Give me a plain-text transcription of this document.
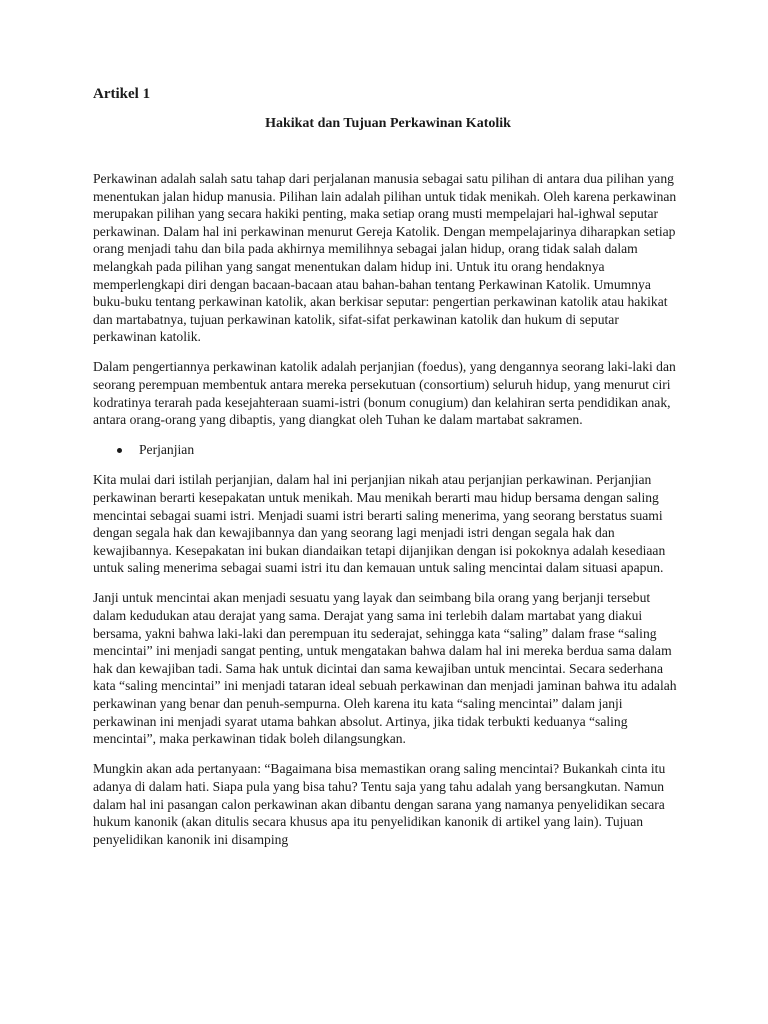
Artikel 1

Hakikat dan Tujuan Perkawinan Katolik

Perkawinan adalah salah satu tahap dari perjalanan manusia sebagai satu pilihan di antara dua pilihan yang menentukan jalan hidup manusia. Pilihan lain adalah pilihan untuk tidak menikah. Oleh karena perkawinan merupakan pilihan yang secara hakiki penting, maka setiap orang musti mempelajari hal-ighwal seputar perkawinan. Dalam hal ini perkawinan menurut Gereja Katolik. Dengan mempelajarinya diharapkan setiap orang menjadi tahu dan bila pada akhirnya memilihnya sebagai jalan hidup, orang tidak salah dalam melangkah pada pilihan yang sangat menentukan dalam hidup ini. Untuk itu orang hendaknya memperlengkapi diri dengan bacaan-bacaan atau bahan-bahan tentang Perkawinan Katolik. Umumnya buku-buku tentang perkawinan katolik, akan berkisar seputar: pengertian perkawinan katolik atau hakikat dan martabatnya, tujuan perkawinan katolik, sifat-sifat perkawinan katolik dan hukum di seputar perkawinan katolik.

Dalam pengertiannya perkawinan katolik adalah perjanjian (foedus), yang dengannya seorang laki-laki dan seorang perempuan membentuk antara mereka persekutuan (consortium) seluruh hidup, yang menurut ciri kodratinya terarah pada kesejahteraan suami-istri (bonum conugium) dan kelahiran serta pendidikan anak, antara orang-orang yang dibaptis, yang diangkat oleh Tuhan ke dalam martabat sakramen.

Perjanjian

Kita mulai dari istilah perjanjian, dalam hal ini perjanjian nikah atau perjanjian perkawinan. Perjanjian perkawinan berarti kesepakatan untuk menikah. Mau menikah berarti mau hidup bersama dengan saling mencintai sebagai suami istri. Menjadi suami istri berarti saling menerima, yang seorang berstatus suami dengan segala hak dan kewajibannya dan yang seorang lagi menjadi istri dengan segala hak dan kewajibannya. Kesepakatan ini bukan diandaikan tetapi dijanjikan dengan isi pokoknya adalah kesediaan untuk saling menerima sebagai suami istri itu dan kemauan untuk saling mencintai dalam situasi apapun.

Janji untuk mencintai akan menjadi sesuatu yang layak dan seimbang bila orang yang berjanji tersebut dalam kedudukan atau derajat yang sama. Derajat yang sama ini terlebih dalam martabat yang diakui bersama, yakni bahwa laki-laki dan perempuan itu sederajat, sehingga kata “saling” dalam frase “saling mencintai” ini menjadi sangat penting, untuk mengatakan bahwa dalam hal ini mereka berdua sama dalam hak dan kewajiban tadi. Sama hak untuk dicintai dan sama kewajiban untuk mencintai. Secara sederhana kata “saling mencintai” ini menjadi tataran ideal sebuah perkawinan dan menjadi jaminan bahwa itu adalah perkawinan yang benar dan penuh-sempurna. Oleh karena itu kata “saling mencintai” dalam janji perkawinan ini menjadi syarat utama bahkan absolut. Artinya, jika tidak terbukti keduanya “saling mencintai”, maka perkawinan tidak boleh dilangsungkan.

Mungkin akan ada pertanyaan: “Bagaimana bisa memastikan orang saling mencintai? Bukankah cinta itu adanya di dalam hati. Siapa pula yang bisa tahu? Tentu saja yang tahu adalah yang bersangkutan. Namun dalam hal ini pasangan calon perkawinan akan dibantu dengan sarana yang namanya penyelidikan secara hukum kanonik (akan ditulis secara khusus apa itu penyelidikan kanonik di artikel yang lain). Tujuan penyelidikan kanonik ini disamping
